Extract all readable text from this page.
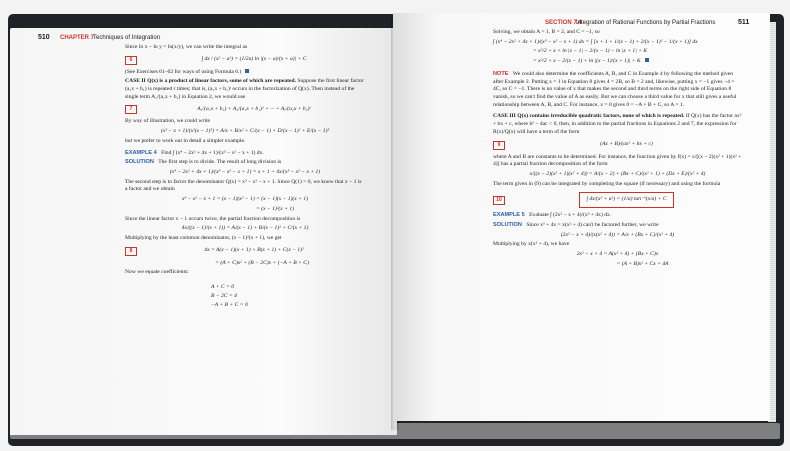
510 CHAPTER 7
Techniques of Integration

Since ln x − ln y = ln(x/y), we can write the integral as

6	∫ dx / (x² − a²) = (1/2a) ln |(x − a)/(x + a)| + C

(See Exercises 61–62 for ways of using Formula 6.)

CASE II Q(x) is a product of linear factors, some of which are repeated. Suppose the first linear factor (a₁x + b₁) is repeated r times; that is, (a₁x + b₁)ʳ occurs in the factorization of Q(x). Then instead of the single term A₁/(a₁x + b₁) in Equation 2, we would use

7	A₁/(a₁x + b₁) + A₂/(a₁x + b₁)² + ··· + Aᵣ/(a₁x + b₁)ʳ

By way of illustration, we could write

(x³ − x + 1)/(x²(x − 1)³) = A/x + B/x² + C/(x − 1) + D/(x − 1)² + E/(x − 1)³

but we prefer to work out in detail a simpler example.

EXAMPLE 4 Find ∫ (x⁴ − 2x² + 4x + 1)/(x³ − x² − x + 1) dx.

SOLUTION The first step is to divide. The result of long division is

(x⁴ − 2x² + 4x + 1)/(x³ − x² − x + 1) = x + 1 + 4x/(x³ − x² − x + 1)

The second step is to factor the denominator Q(x) = x³ − x² − x + 1. Since Q(1) = 0, we know that x − 1 is a factor and we obtain

x³ − x² − x + 1 = (x − 1)(x² − 1) = (x − 1)(x − 1)(x + 1)
= (x − 1)²(x + 1)

Since the linear factor x − 1 occurs twice, the partial fraction decomposition is

4x/((x − 1)²(x + 1)) = A/(x − 1) + B/(x − 1)² + C/(x + 1)

Multiplying by the least common denominator, (x − 1)²(x + 1), we get

8	4x = A(x − 1)(x + 1) + B(x + 1) + C(x − 1)²
= (A + C)x² + (B − 2C)x + (−A + B + C)

Now we equate coefficients:

A + C = 0
B − 2C = 4
−A + B + C = 0
SECTION 7.4
Integration of Rational Functions by Partial Fractions	511

Solving, we obtain A = 1, B = 2, and C = −1, so

∫ (x⁴ − 2x² + 4x + 1)/(x³ − x² − x + 1) dx = ∫ [x + 1 + 1/(x − 1) + 2/(x − 1)² − 1/(x + 1)] dx
= x²/2 + x + ln |x − 1| − 2/(x − 1) − ln |x + 1| + K
= x²/2 + x − 2/(x − 1) + ln |(x − 1)/(x + 1)| + K

NOTE We could also determine the coefficients A, B, and C in Example 4 by following the method given after Example 2. Putting x = 1 in Equation 8 gives 4 = 2B, so B = 2 and, likewise, putting x = −1 gives −4 = 4C, so C = −1. There is no value of x that makes the second and third terms on the right side of Equation 8 vanish, so we can't find the value of A as easily. But we can choose a third value for x that still gives a useful relationship between A, B, and C. For instance, x = 0 gives 0 = −A + B + C, so A = 1.

CASE III Q(x) contains irreducible quadratic factors, none of which is repeated. If Q(x) has the factor ax² + bx + c, where b² − 4ac < 0, then, in addition to the partial fractions in Equations 2 and 7, the expression for R(x)/Q(x) will have a term of the form

9	(Ax + B)/(ax² + bx + c)

where A and B are constants to be determined. For instance, the function given by f(x) = x/[(x − 2)(x² + 1)(x² + 4)] has a partial fraction decomposition of the form

x/((x − 2)(x² + 1)(x² + 4)) = A/(x − 2) + (Bx + C)/(x² + 1) + (Dx + E)/(x² + 4)

The term given in (9) can be integrated by completing the square (if necessary) and using the formula

10	∫ dx/(x² + a²) = (1/a) tan⁻¹(x/a) + C

EXAMPLE 5 Evaluate ∫ (2x² − x + 4)/(x³ + 4x) dx.

SOLUTION Since x³ + 4x = x(x² + 4) can't be factored further, we write

(2x² − x + 4)/(x(x² + 4)) = A/x + (Bx + C)/(x² + 4)

Multiplying by x(x² + 4), we have

2x² − x + 4 = A(x² + 4) + (Bx + C)x
= (A + B)x² + Cx + 4A
